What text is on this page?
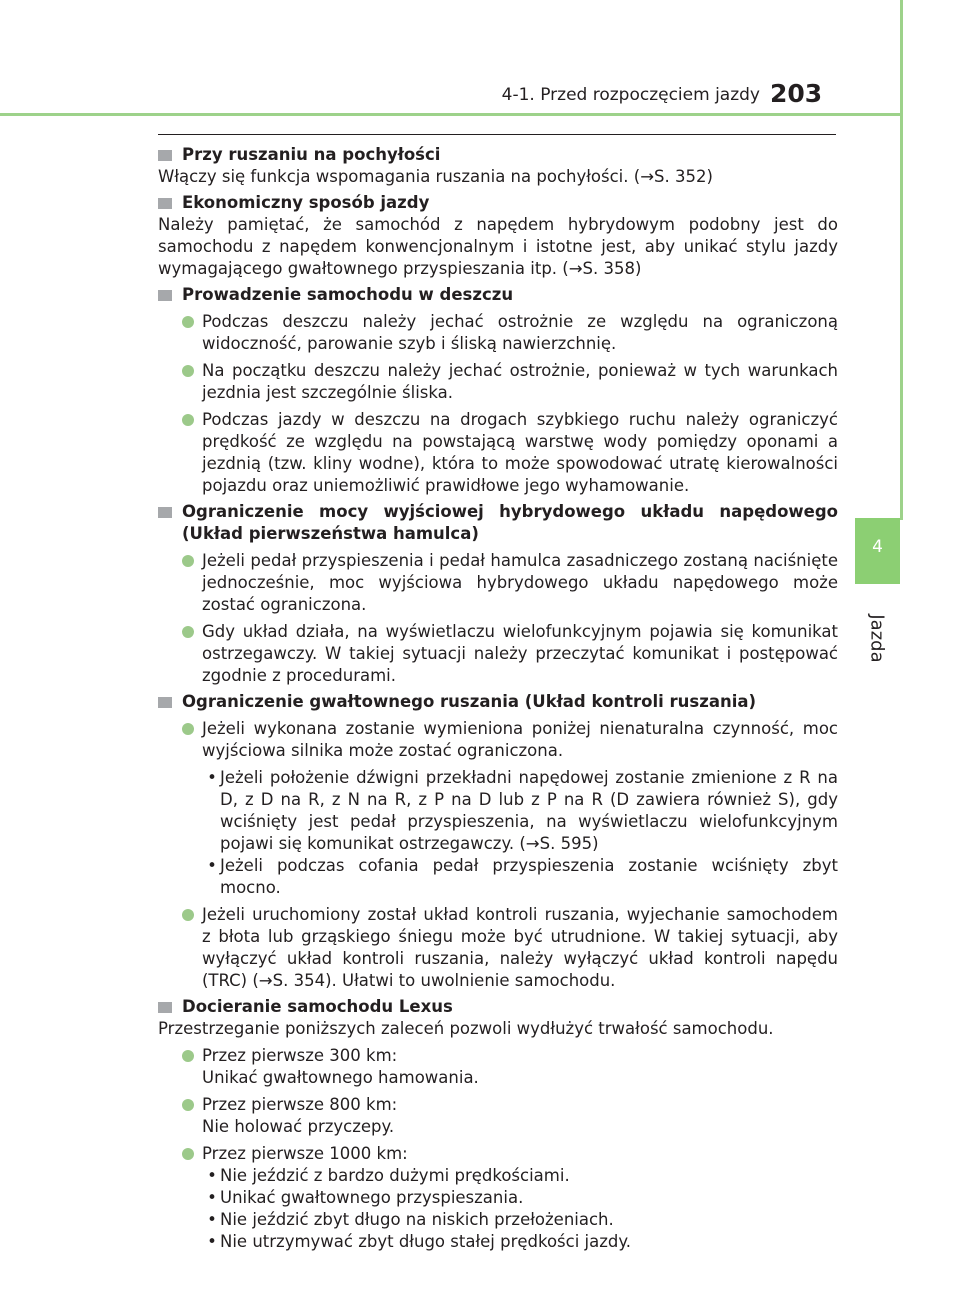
4-1. Przed rozpoczęciem jazdy 203
4
Jazda
Przy ruszaniu na pochyłości

Włączy się funkcja wspomagania ruszania na pochyłości. (→S. 352)

Ekonomiczny sposób jazdy

Należy pamiętać, że samochód z napędem hybrydowym podobny jest do samochodu z napędem konwencjonalnym i istotne jest, aby unikać stylu jazdy wymagającego gwałtownego przyspieszania itp. (→S. 358)

Prowadzenie samochodu w deszczu
Podczas deszczu należy jechać ostrożnie ze względu na ograniczoną widoczność, parowanie szyb i śliską nawierzchnię.
Na początku deszczu należy jechać ostrożnie, ponieważ w tych warunkach jezdnia jest szczególnie śliska.
Podczas jazdy w deszczu na drogach szybkiego ruchu należy ograniczyć prędkość ze względu na powstającą warstwę wody pomiędzy oponami a jezdnią (tzw. kliny wodne), która to może spowodować utratę kierowalności pojazdu oraz uniemożliwić prawidłowe jego wyhamowanie.
Ograniczenie mocy wyjściowej hybrydowego układu napędowego (Układ pierwszeństwa hamulca)
Jeżeli pedał przyspieszenia i pedał hamulca zasadniczego zostaną naciśnięte jednocześnie, moc wyjściowa hybrydowego układu napędowego może zostać ograniczona.
Gdy układ działa, na wyświetlaczu wielofunkcyjnym pojawia się komunikat ostrzegawczy. W takiej sytuacji należy przeczytać komunikat i postępować zgodnie z procedurami.
Ograniczenie gwałtownego ruszania (Układ kontroli ruszania)
Jeżeli wykonana zostanie wymieniona poniżej nienaturalna czynność, moc wyjściowa silnika może zostać ograniczona.
• Jeżeli położenie dźwigni przekładni napędowej zostanie zmienione z R na D, z D na R, z N na R, z P na D lub z P na R (D zawiera również S), gdy wciśnięty jest pedał przyspieszenia, na wyświetlaczu wielofunkcyjnym pojawi się komunikat ostrzegawczy. (→S. 595)
• Jeżeli podczas cofania pedał przyspieszenia zostanie wciśnięty zbyt mocno.
Jeżeli uruchomiony został układ kontroli ruszania, wyjechanie samochodem z błota lub grząskiego śniegu może być utrudnione. W takiej sytuacji, aby wyłączyć układ kontroli ruszania, należy wyłączyć układ kontroli napędu (TRC) (→S. 354). Ułatwi to uwolnienie samochodu.
Docieranie samochodu Lexus

Przestrzeganie poniższych zaleceń pozwoli wydłużyć trwałość samochodu.

Przez pierwsze 300 km:
Unikać gwałtownego hamowania.
Przez pierwsze 800 km:
Nie holować przyczepy.
Przez pierwsze 1000 km:
• Nie jeździć z bardzo dużymi prędkościami.
• Unikać gwałtownego przyspieszania.
• Nie jeździć zbyt długo na niskich przełożeniach.
• Nie utrzymywać zbyt długo stałej prędkości jazdy.
